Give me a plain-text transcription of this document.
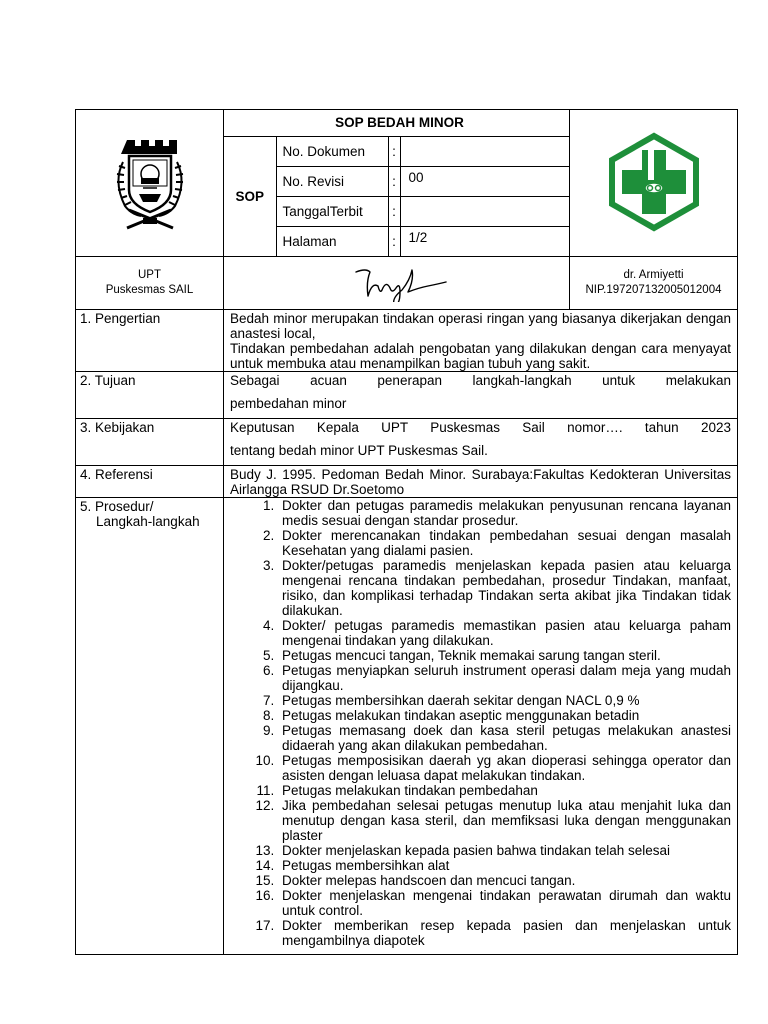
SOP BEDAH MINOR
SOP	No. Dokumen	:	
No. Revisi	:	00
TanggalTerbit	:	
Halaman	:	1/2

UPT
Puskesmas SAIL

dr. Armiyetti
NIP.197207132005012004

1. Pengertian	Bedah minor merupakan tindakan operasi ringan yang biasanya dikerjakan dengan anastesi local,
Tindakan pembedahan adalah pengobatan yang dilakukan dengan cara menyayat untuk membuka atau menampilkan bagian tubuh yang sakit.

2. Tujuan	Sebagai acuan penerapan langkah-langkah untuk melakukan
pembedahan minor

3. Kebijakan	Keputusan Kepala UPT Puskesmas Sail nomor…. tahun 2023
tentang bedah minor UPT Puskesmas Sail.

4. Referensi	Budy J. 1995. Pedoman Bedah Minor. Surabaya:Fakultas Kedokteran Universitas Airlangga RSUD Dr.Soetomo

5. Prosedur/
Langkah-langkah

1. Dokter dan petugas paramedis melakukan penyusunan rencana layanan medis sesuai dengan standar prosedur.
2. Dokter merencanakan tindakan pembedahan sesuai dengan masalah Kesehatan yang dialami pasien.
3. Dokter/petugas paramedis menjelaskan kepada pasien atau keluarga mengenai rencana tindakan pembedahan, prosedur Tindakan, manfaat, risiko, dan komplikasi terhadap Tindakan serta akibat jika Tindakan tidak dilakukan.
4. Dokter/ petugas paramedis memastikan pasien atau keluarga paham mengenai tindakan yang dilakukan.
5. Petugas mencuci tangan, Teknik memakai sarung tangan steril.
6. Petugas menyiapkan seluruh instrument operasi dalam meja yang mudah dijangkau.
7. Petugas membersihkan daerah sekitar dengan NACL 0,9 %
8. Petugas melakukan tindakan aseptic menggunakan betadin
9. Petugas memasang doek dan kasa steril petugas melakukan anastesi didaerah yang akan dilakukan pembedahan.
10. Petugas memposisikan daerah yg akan dioperasi sehingga operator dan asisten dengan leluasa dapat melakukan tindakan.
11. Petugas melakukan tindakan pembedahan
12. Jika pembedahan selesai petugas menutup luka atau menjahit luka dan menutup dengan kasa steril, dan memfiksasi luka dengan menggunakan plaster
13. Dokter menjelaskan kepada pasien bahwa tindakan telah selesai
14. Petugas membersihkan alat
15. Dokter melepas handscoen dan mencuci tangan.
16. Dokter menjelaskan mengenai tindakan perawatan dirumah dan waktu untuk control.
17. Dokter memberikan resep kepada pasien dan menjelaskan untuk mengambilnya diapotek
